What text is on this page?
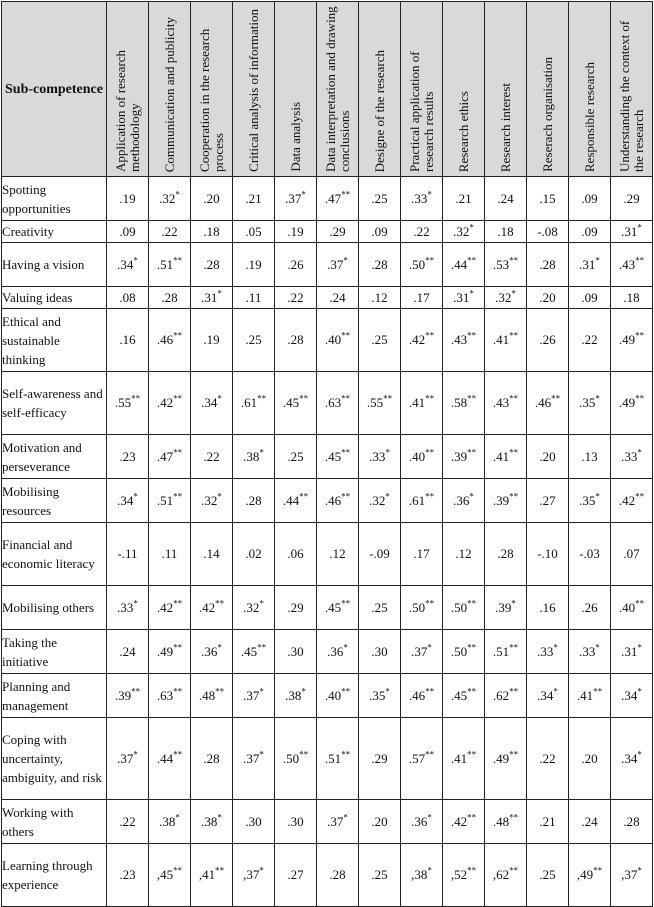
Sub-competence	Application of research methodology	Communication and publicity	Cooperation in the research process	Critical analysis of information	Data analysis	Data interpretation and drawing conclusions	Designe of the research	Practical application of research results	Research ethics	Research interest	Reserach organisation	Responsible research	Understanding the context of the research

Spotting opportunities	.19	.32*	.20	.21	.37*	.47**	.25	.33*	.21	.24	.15	.09	.29
Creativity	.09	.22	.18	.05	.19	.29	.09	.22	.32*	.18	-.08	.09	.31*
Having a vision	.34*	.51**	.28	.19	.26	.37*	.28	.50**	.44**	.53**	.28	.31*	.43**
Valuing ideas	.08	.28	.31*	.11	.22	.24	.12	.17	.31*	.32*	.20	.09	.18
Ethical and sustainable thinking	.16	.46**	.19	.25	.28	.40**	.25	.42**	.43**	.41**	.26	.22	.49**
Self-awareness and self-efficacy	.55**	.42**	.34*	.61**	.45**	.63**	.55**	.41**	.58**	.43**	.46**	.35*	.49**
Motivation and perseverance	.23	.47**	.22	.38*	.25	.45**	.33*	.40**	.39**	.41**	.20	.13	.33*
Mobilising resources	.34*	.51**	.32*	.28	.44**	.46**	.32*	.61**	.36*	.39**	.27	.35*	.42**
Financial and economic literacy	-.11	.11	.14	.02	.06	.12	-.09	.17	.12	.28	-.10	-.03	.07
Mobilising others	.33*	.42**	.42**	.32*	.29	.45**	.25	.50**	.50**	.39*	.16	.26	.40**
Taking the initiative	.24	.49**	.36*	.45**	.30	.36*	.30	.37*	.50**	.51**	.33*	.33*	.31*
Planning and management	.39**	.63**	.48**	.37*	.38*	.40**	.35*	.46**	.45**	.62**	.34*	.41**	.34*
Coping with uncertainty, ambiguity, and risk	.37*	.44**	.28	.37*	.50**	.51**	.29	.57**	.41**	.49**	.22	.20	.34*
Working with others	.22	.38*	.38*	.30	.30	.37*	.20	.36*	.42**	.48**	.21	.24	.28
Learning through experience	.23	,45**	,41**	,37*	.27	.28	.25	,38*	,52**	,62**	.25	,49**	,37*
